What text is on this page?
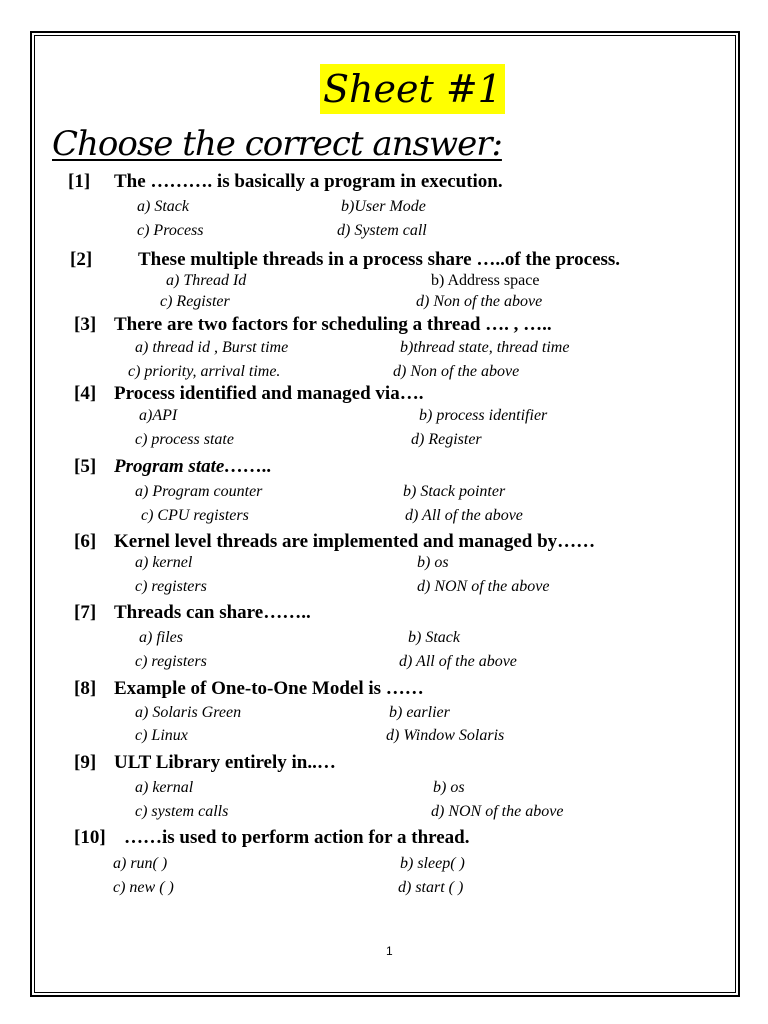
Sheet #1
Choose the correct answer:
[1] The ………. is basically a program in execution.
a) Stack	b)User Mode
c) Process	d) System call
[2] These multiple threads in a process share …..of the process.
a) Thread Id	b) Address space
c) Register	d) Non of the above
[3] There are two factors for scheduling a thread …. , …..
a) thread id , Burst time	b)thread state, thread time
c) priority, arrival time.	d) Non of the above
[4] Process identified and managed via….
a)API	b) process identifier
c) process state	d) Register
[5] Program state……..
a) Program counter	b) Stack pointer
c) CPU registers	d) All of the above
[6] Kernel level threads are implemented and managed by……
a) kernel	b) os
c) registers	d) NON of the above
[7] Threads can share……..
a) files	b) Stack
c) registers	d) All of the above
[8] Example of One-to-One Model is ……
a) Solaris Green	b) earlier
c) Linux	d) Window Solaris
[9] ULT Library entirely in..…
a) kernal	b) os
c) system calls	d) NON of the above
[10] ……is used to perform action for a thread.
a) run( )	b) sleep( )
c) new ( )	d) start ( )
1
